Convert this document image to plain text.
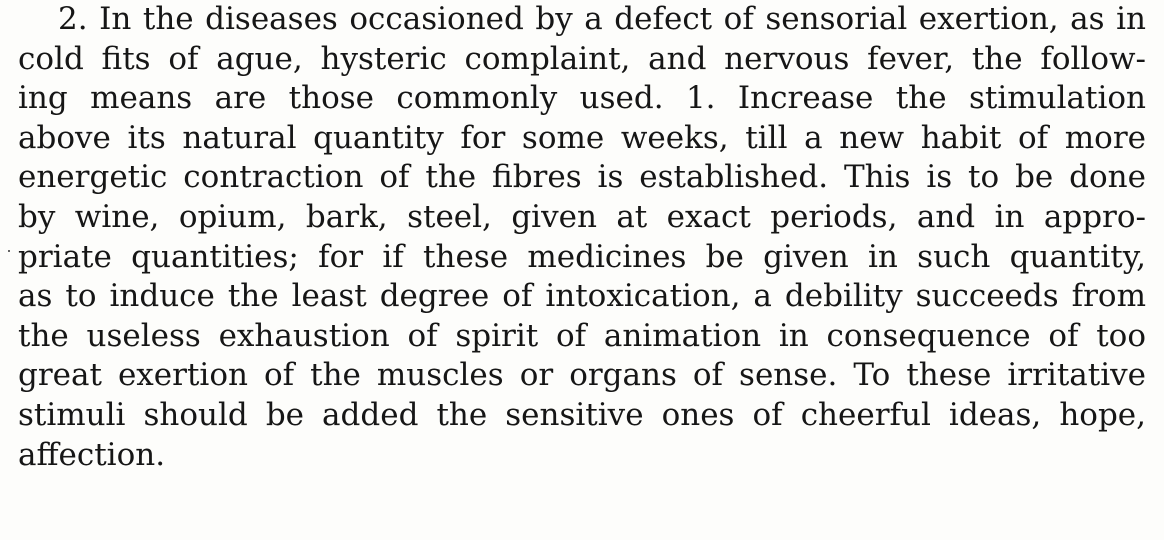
2. In the diseases occasioned by a defect of sensorial exertion, as in
cold fits of ague, hysteric complaint, and nervous fever, the follow-
ing means are those commonly used. 1. Increase the stimulation
above its natural quantity for some weeks, till a new habit of more
energetic contraction of the fibres is established. This is to be done
by wine, opium, bark, steel, given at exact periods, and in appro-
priate quantities; for if these medicines be given in such quantity,
as to induce the least degree of intoxication, a debility succeeds from
the useless exhaustion of spirit of animation in consequence of too
great exertion of the muscles or organs of sense. To these irritative
stimuli should be added the sensitive ones of cheerful ideas, hope,
affection.
